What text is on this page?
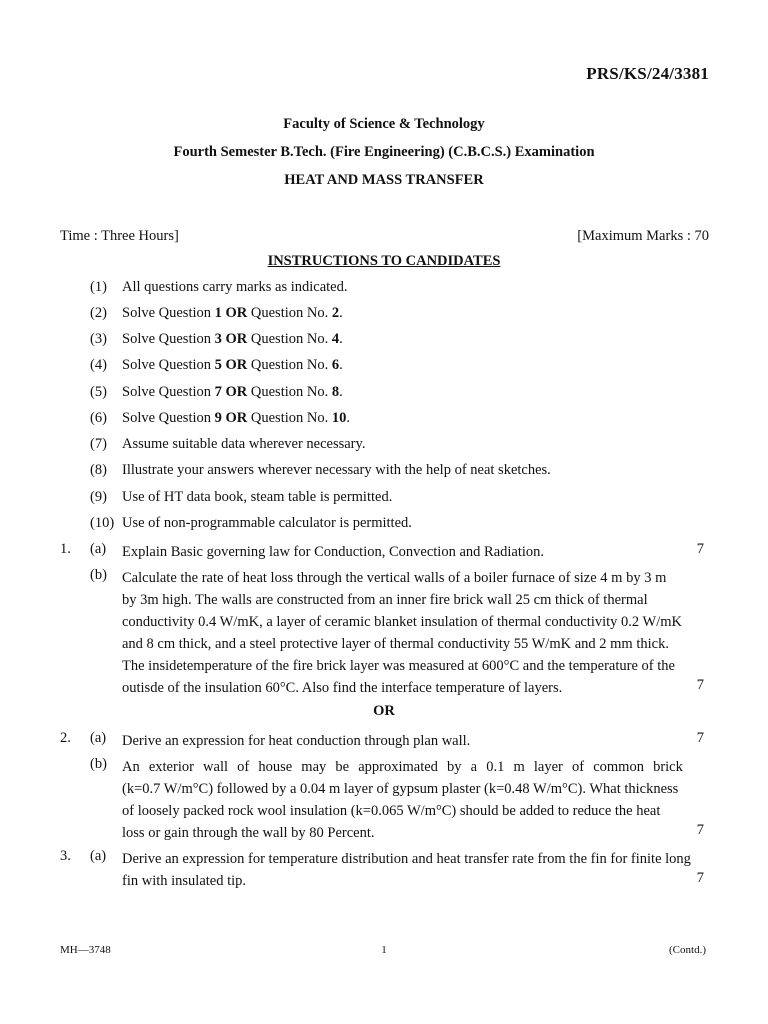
PRS/KS/24/3381
Faculty of Science & Technology
Fourth Semester B.Tech. (Fire Engineering) (C.B.C.S.) Examination
HEAT AND MASS TRANSFER
Time : Three Hours]	[Maximum Marks : 70
INSTRUCTIONS TO CANDIDATES
(1) All questions carry marks as indicated.
(2) Solve Question 1 OR Question No. 2.
(3) Solve Question 3 OR Question No. 4.
(4) Solve Question 5 OR Question No. 6.
(5) Solve Question 7 OR Question No. 8.
(6) Solve Question 9 OR Question No. 10.
(7) Assume suitable data wherever necessary.
(8) Illustrate your answers wherever necessary with the help of neat sketches.
(9) Use of HT data book, steam table is permitted.
(10) Use of non-programmable calculator is permitted.
1. (a) Explain Basic governing law for Conduction, Convection and Radiation.	7
(b) Calculate the rate of heat loss through the vertical walls of a boiler furnace of size 4 m by 3 m
by 3m high. The walls are constructed from an inner fire brick wall 25 cm thick of thermal
conductivity 0.4 W/mK, a layer of ceramic blanket insulation of thermal conductivity 0.2 W/mK
and 8 cm thick, and a steel protective layer of thermal conductivity 55 W/mK and 2 mm thick.
The insidetemperature of the fire brick layer was measured at 600°C and the temperature of the
outisde of the insulation 60°C. Also find the interface temperature of layers.	7
OR
2. (a) Derive an expression for heat conduction through plan wall.	7
(b) An exterior wall of house may be approximated by a 0.1 m layer of common brick
(k=0.7 W/m°C) followed by a 0.04 m layer of gypsum plaster (k=0.48 W/m°C). What thickness
of loosely packed rock wool insulation (k=0.065 W/m°C) should be added to reduce the heat
loss or gain through the wall by 80 Percent.	7
3. (a) Derive an expression for temperature distribution and heat transfer rate from the fin for finite long
fin with insulated tip.	7
MH—3748	1	(Contd.)
